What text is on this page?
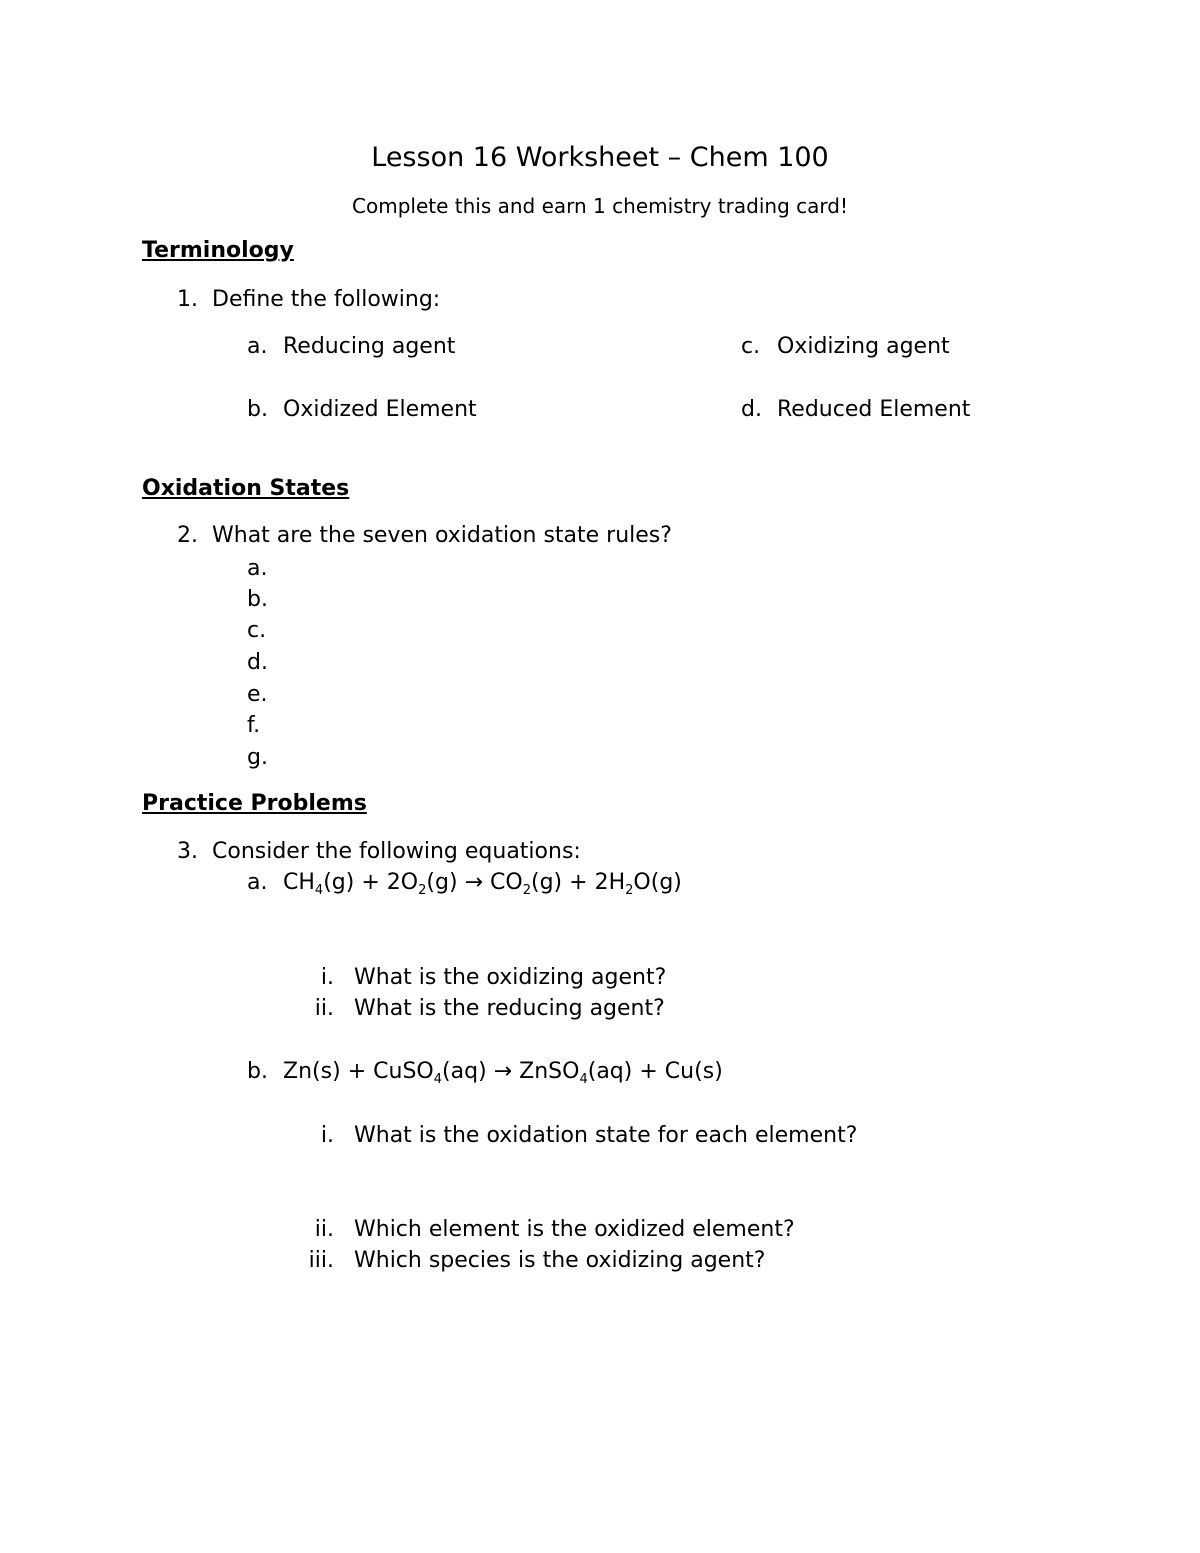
Lesson 16 Worksheet – Chem 100
Complete this and earn 1 chemistry trading card!
Terminology
1. Define the following:
a. Reducing agent
b. Oxidized Element
c. Oxidizing agent
d. Reduced Element
Oxidation States
2. What are the seven oxidation state rules?
a.
b.
c.
d.
e.
f.
g.
Practice Problems
3. Consider the following equations:
a. $CH_4(g) + 2O_2(g) \to CO_2(g) + 2H_2O(g)$
i. What is the oxidizing agent?
ii. What is the reducing agent?
b. Zn(s) + CuSO$_4$(aq) → ZnSO$_4$(aq) + Cu(s)
i. What is the oxidation state for each element?
ii. Which element is the oxidized element?
iii. Which species is the oxidizing agent?
